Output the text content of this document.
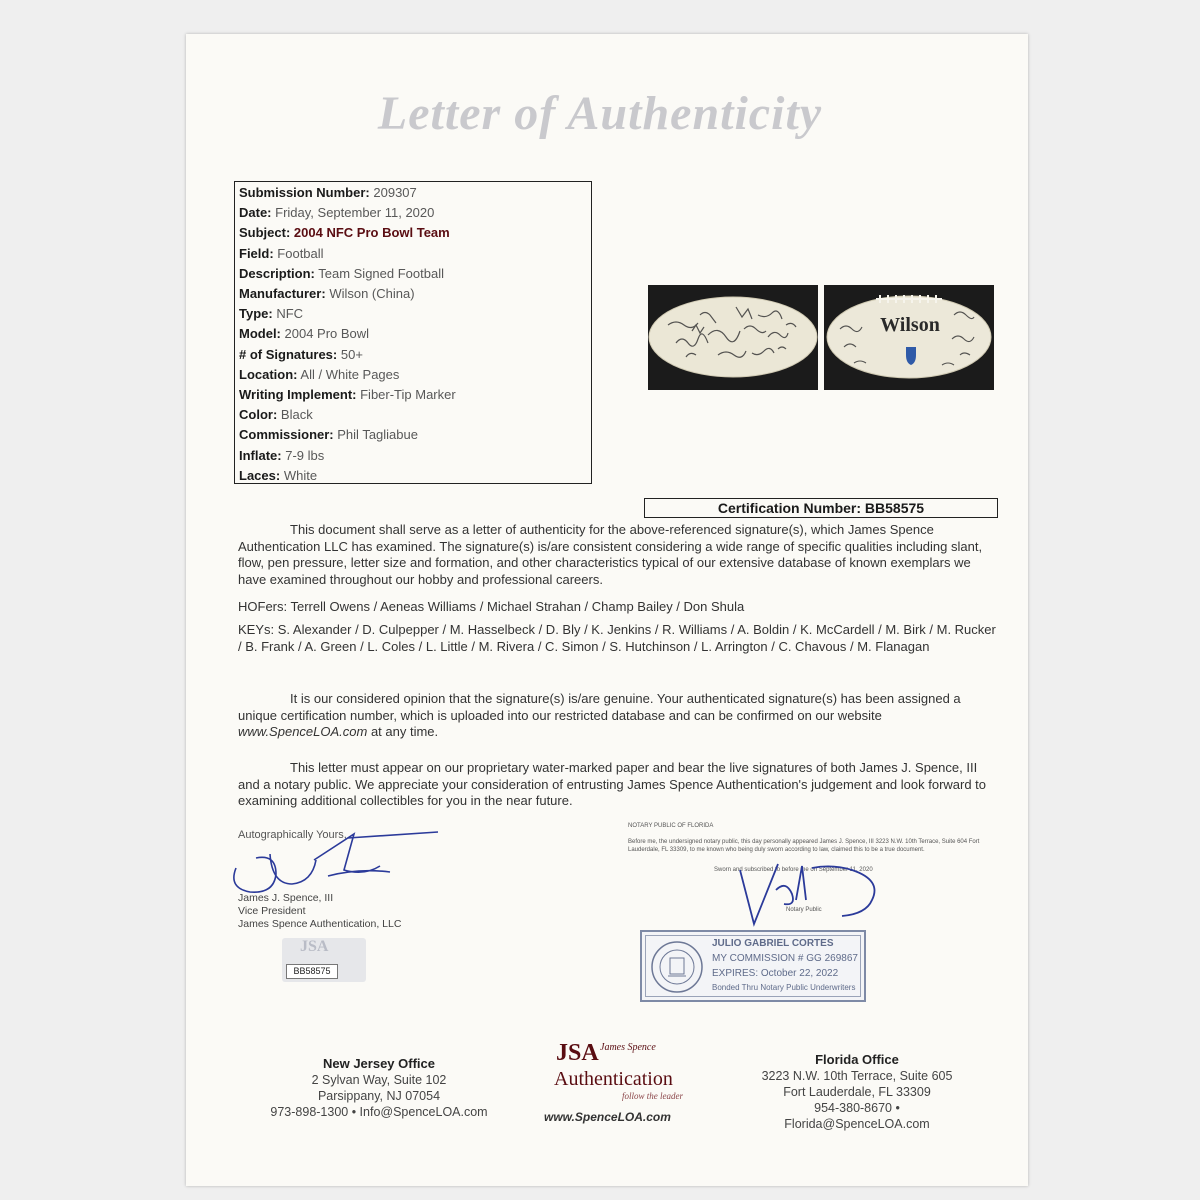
Letter of Authenticity
Submission Number: 209307
Date: Friday, September 11, 2020
Subject: 2004 NFC Pro Bowl Team
Field: Football
Description: Team Signed Football
Manufacturer: Wilson (China)
Type: NFC
Model: 2004 Pro Bowl
# of Signatures: 50+
Location: All / White Pages
Writing Implement: Fiber-Tip Marker
Color: Black
Commissioner: Phil Tagliabue
Inflate: 7-9 lbs
Laces: White
Wilson
Certification Number: BB58575
This document shall serve as a letter of authenticity for the above-referenced signature(s), which James Spence Authentication LLC has examined. The signature(s) is/are consistent considering a wide range of specific qualities including slant, flow, pen pressure, letter size and formation, and other characteristics typical of our extensive database of known exemplars we have examined throughout our hobby and professional careers.
HOFers: Terrell Owens / Aeneas Williams / Michael Strahan / Champ Bailey / Don Shula
KEYs: S. Alexander / D. Culpepper / M. Hasselbeck / D. Bly / K. Jenkins / R. Williams / A. Boldin / K. McCardell / M. Birk / M. Rucker / B. Frank / A. Green / L. Coles / L. Little / M. Rivera / C. Simon / S. Hutchinson / L. Arrington / C. Chavous / M. Flanagan
It is our considered opinion that the signature(s) is/are genuine. Your authenticated signature(s) has been assigned a unique certification number, which is uploaded into our restricted database and can be confirmed on our website www.SpenceLOA.com at any time.
This letter must appear on our proprietary water-marked paper and bear the live signatures of both James J. Spence, III and a notary public. We appreciate your consideration of entrusting James Spence Authentication's judgement and look forward to examining additional collectibles for you in the near future.
Autographically Yours,
James J. Spence, III
Vice President
James Spence Authentication, LLC
JSA
BB58575
NOTARY PUBLIC OF FLORIDA
Before me, the undersigned notary public, this day personally appeared James J. Spence, III 3223 N.W. 10th Terrace, Suite 604 Fort Lauderdale, FL 33309, to me known who being duly sworn according to law, claimed this to be a true document.
Sworn and subscribed to before me on September 11, 2020
Notary Public
JULIO GABRIEL CORTES
MY COMMISSION # GG 269867
EXPIRES: October 22, 2022
Bonded Thru Notary Public Underwriters
New Jersey Office
2 Sylvan Way, Suite 102
Parsippany, NJ 07054
973-898-1300 • Info@SpenceLOA.com
JSA James Spence
Authentication
follow the leader
www.SpenceLOA.com
Florida Office
3223 N.W. 10th Terrace, Suite 605
Fort Lauderdale, FL 33309
954-380-8670 • Florida@SpenceLOA.com
